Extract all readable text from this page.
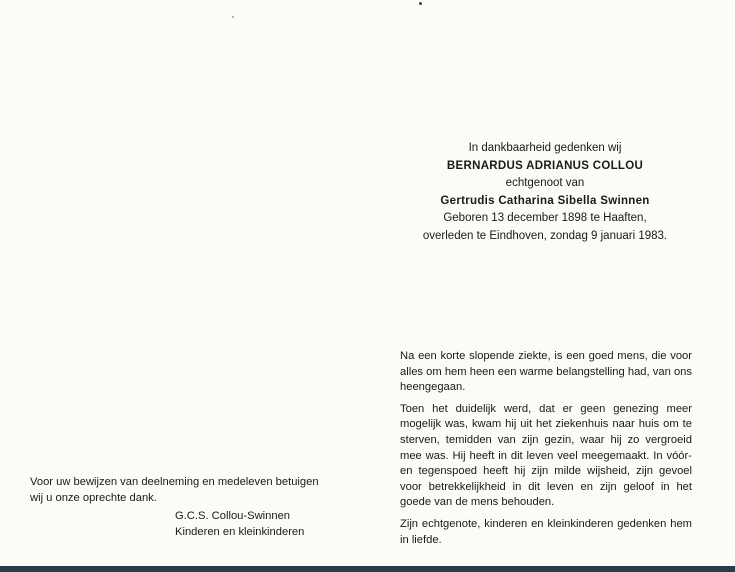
In dankbaarheid gedenken wij
BERNARDUS ADRIANUS COLLOU
echtgenoot van
Gertrudis Catharina Sibella Swinnen
Geboren 13 december 1898 te Haaften,
overleden te Eindhoven, zondag 9 januari 1983.

Na een korte slopende ziekte, is een goed mens, die voor alles om hem heen een warme belangstelling had, van ons heengegaan.

Toen het duidelijk werd, dat er geen genezing meer mogelijk was, kwam hij uit het ziekenhuis naar huis om te sterven, temidden van zijn gezin, waar hij zo vergroeid mee was. Hij heeft in dit leven veel meegemaakt. In vóór- en tegenspoed heeft hij zijn milde wijsheid, zijn gevoel voor betrekkelijkheid in dit leven en zijn geloof in het goede van de mens behouden.

Zijn echtgenote, kinderen en kleinkinderen gedenken hem in liefde.

Voor uw bewijzen van deelneming en medeleven betuigen wij u onze oprechte dank.

G.C.S. Collou-Swinnen
Kinderen en kleinkinderen
